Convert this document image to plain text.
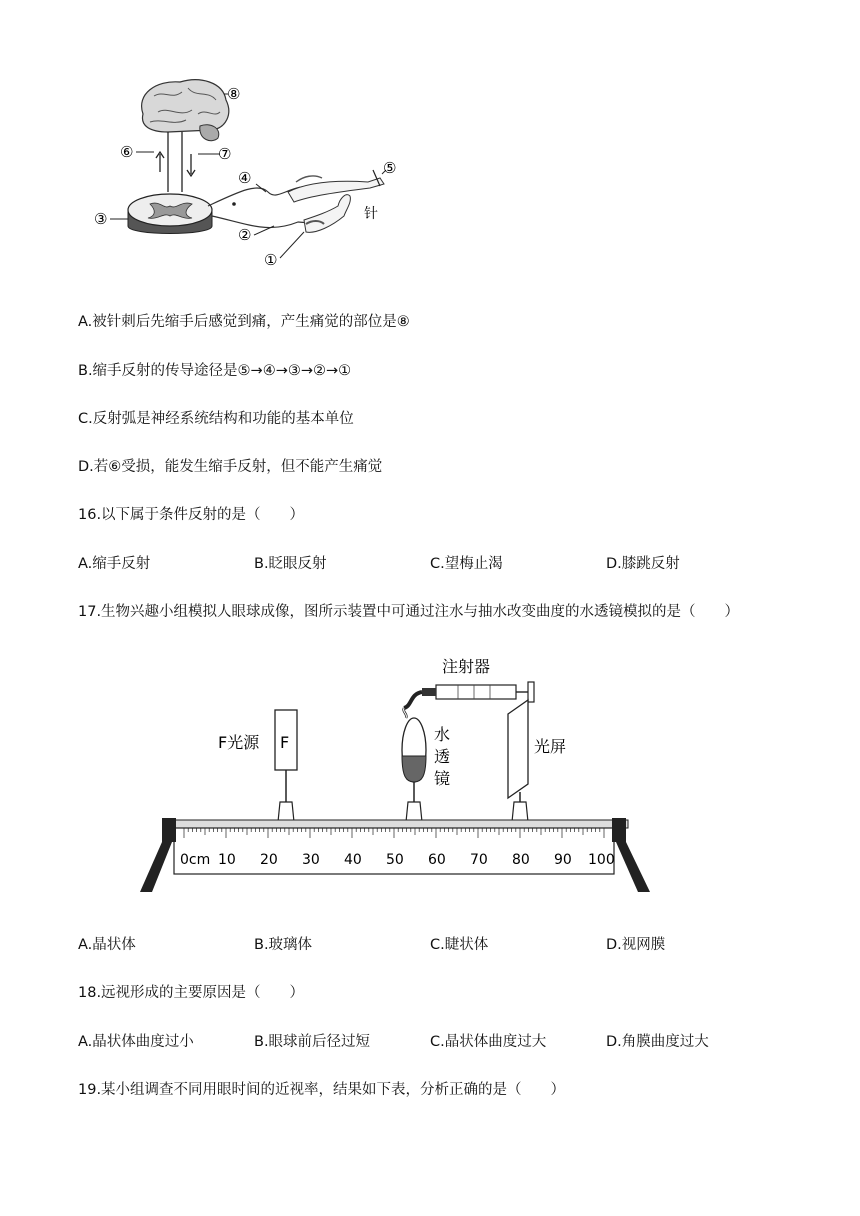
⑧
⑥	⑦
④
⑤
针
③
②
①
A.被针刺后先缩手后感觉到痛，产生痛觉的部位是⑧
B.缩手反射的传导途径是⑤→④→③→②→①
C.反射弧是神经系统结构和功能的基本单位
D.若⑥受损，能发生缩手反射，但不能产生痛觉
16.以下属于条件反射的是（　　）
A.缩手反射	B.眨眼反射	C.望梅止渴	D.膝跳反射
17.生物兴趣小组模拟人眼球成像，图所示装置中可通过注水与抽水改变曲度的水透镜模拟的是（　　）
注射器
F
F光源	水
透
镜
光屏
0cm 10 20 30 40 50 60 70 80 90 100
A.晶状体	B.玻璃体	C.睫状体	D.视网膜
18.远视形成的主要原因是（　　）
A.晶状体曲度过小	B.眼球前后径过短	C.晶状体曲度过大	D.角膜曲度过大
19.某小组调查不同用眼时间的近视率，结果如下表，分析正确的是（　　）
